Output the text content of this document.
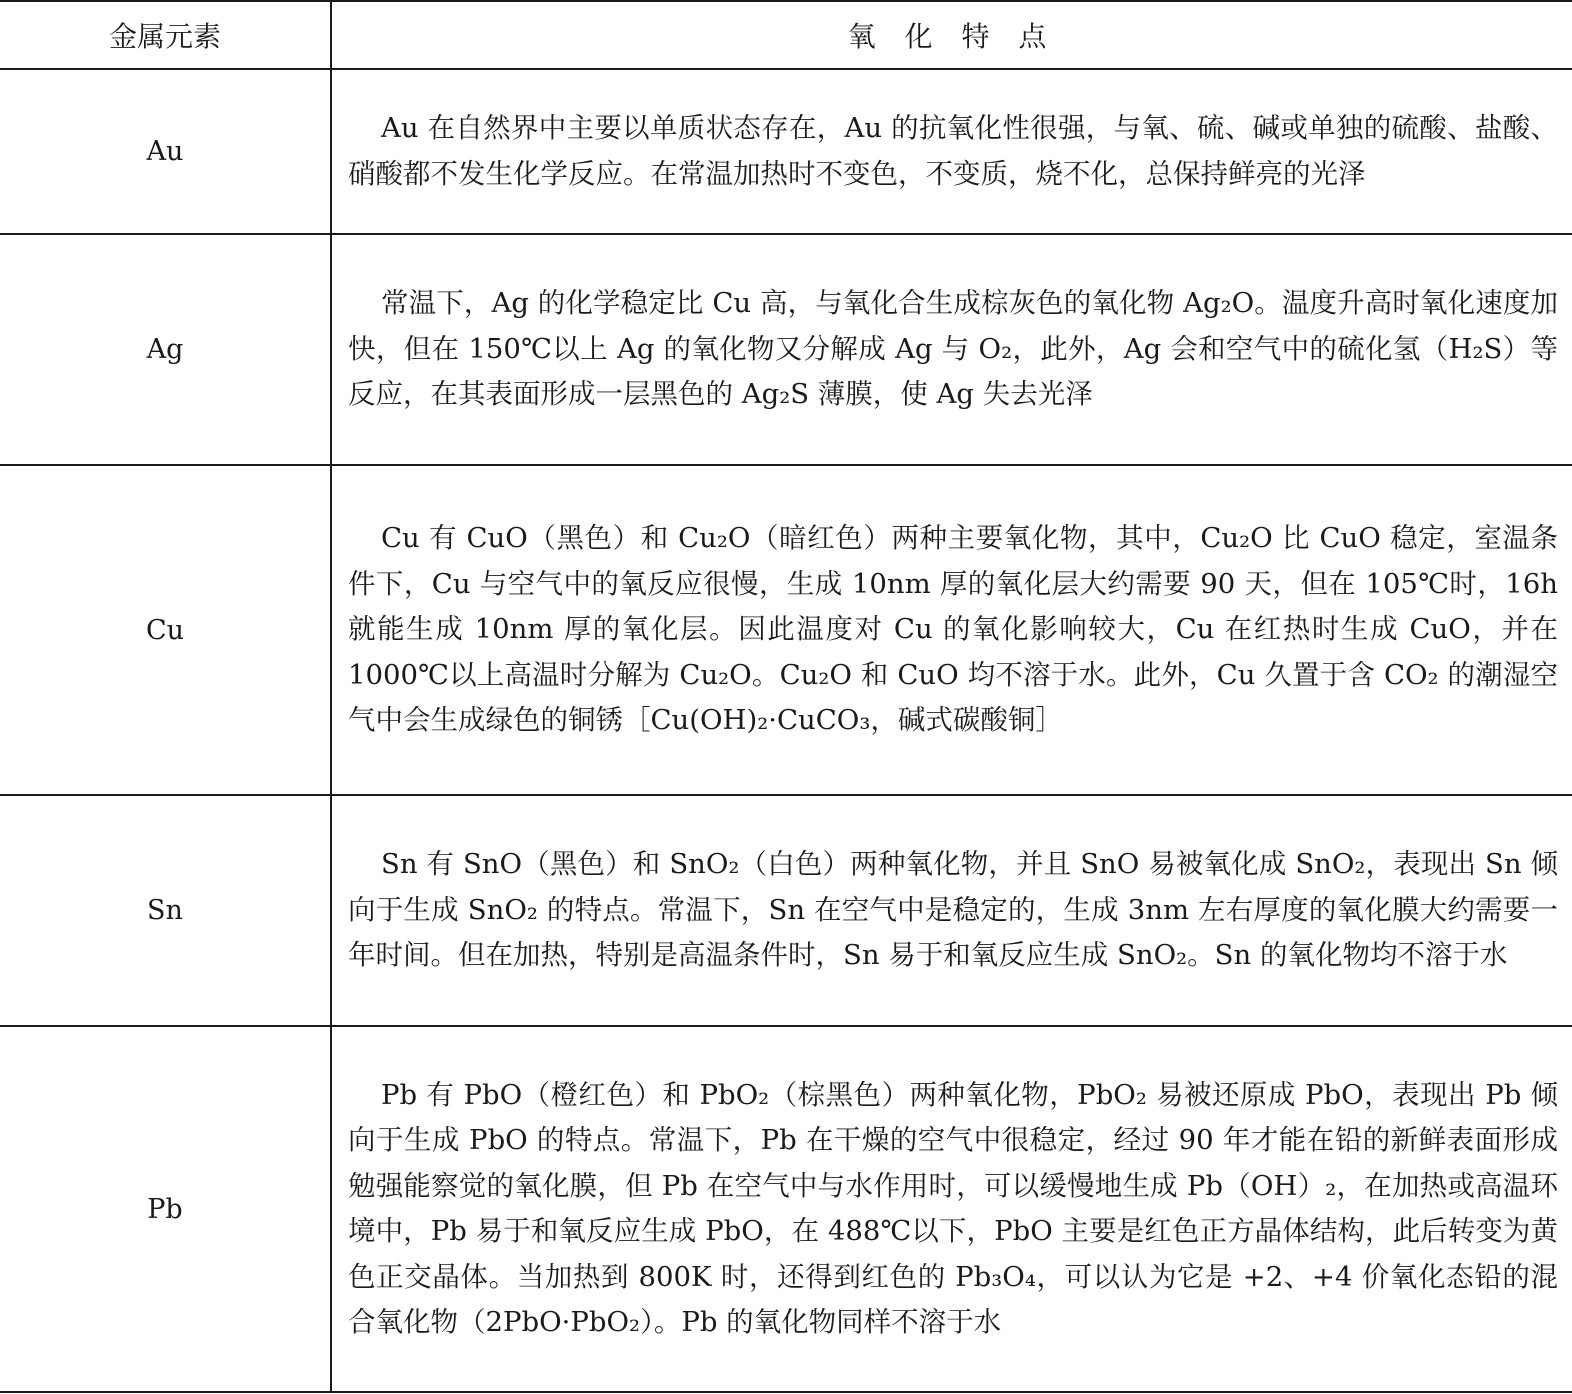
金属元素	氧 化 特 点
Au	Au 在自然界中主要以单质状态存在，Au 的抗氧化性很强，与氧、硫、碱或单独的硫酸、盐酸、硝酸都不发生化学反应。在常温加热时不变色，不变质，烧不化，总保持鲜亮的光泽

Ag	常温下，Ag 的化学稳定比 Cu 高，与氧化合生成棕灰色的氧化物 Ag₂O。温度升高时氧化速度加快，但在 150℃以上 Ag 的氧化物又分解成 Ag 与 O₂，此外，Ag 会和空气中的硫化氢（H₂S）等反应，在其表面形成一层黑色的 Ag₂S 薄膜，使 Ag 失去光泽

Cu	Cu 有 CuO（黑色）和 Cu₂O（暗红色）两种主要氧化物，其中，Cu₂O 比 CuO 稳定，室温条件下，Cu 与空气中的氧反应很慢，生成 10nm 厚的氧化层大约需要 90 天，但在 105℃时，16h 就能生成 10nm 厚的氧化层。因此温度对 Cu 的氧化影响较大，Cu 在红热时生成 CuO，并在 1000℃以上高温时分解为 Cu₂O。Cu₂O 和 CuO 均不溶于水。此外，Cu 久置于含 CO₂ 的潮湿空气中会生成绿色的铜锈［Cu(OH)₂·CuCO₃，碱式碳酸铜］

Sn	Sn 有 SnO（黑色）和 SnO₂（白色）两种氧化物，并且 SnO 易被氧化成 SnO₂，表现出 Sn 倾向于生成 SnO₂ 的特点。常温下，Sn 在空气中是稳定的，生成 3nm 左右厚度的氧化膜大约需要一年时间。但在加热，特别是高温条件时，Sn 易于和氧反应生成 SnO₂。Sn 的氧化物均不溶于水

Pb	Pb 有 PbO（橙红色）和 PbO₂（棕黑色）两种氧化物，PbO₂ 易被还原成 PbO，表现出 Pb 倾向于生成 PbO 的特点。常温下，Pb 在干燥的空气中很稳定，经过 90 年才能在铅的新鲜表面形成勉强能察觉的氧化膜，但 Pb 在空气中与水作用时，可以缓慢地生成 Pb（OH）₂，在加热或高温环境中，Pb 易于和氧反应生成 PbO，在 488℃以下，PbO 主要是红色正方晶体结构，此后转变为黄色正交晶体。当加热到 800K 时，还得到红色的 Pb₃O₄，可以认为它是 +2、+4 价氧化态铅的混合氧化物（2PbO·PbO₂）。Pb 的氧化物同样不溶于水
